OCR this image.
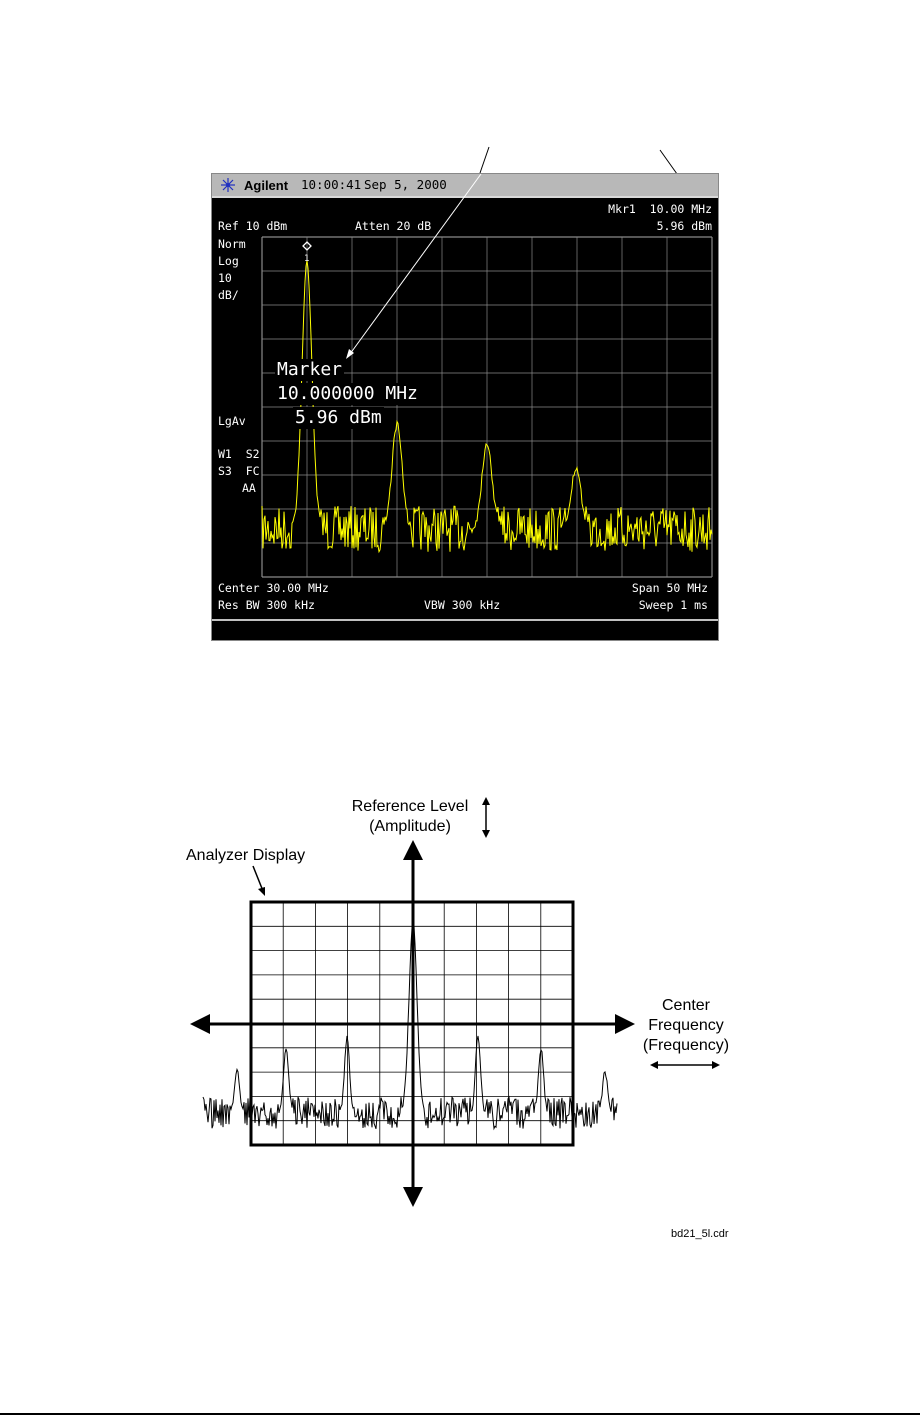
Agilent 10:00:41 Sep 5, 2000
Mkr1  10.00 MHz
5.96 dBm
Ref 10 dBm	Atten 20 dB
Norm
Log
10
dB/
LgAv
W1  S2
S3  FC
AA
1
Marker
10.000000 MHz
5.96 dBm
Center 30.00 MHz	Span 50 MHz
Res BW 300 kHz	VBW 300 kHz	Sweep 1 ms
Reference Level
(Amplitude)
Analyzer Display
Center
Frequency
(Frequency)
bd21_5l.cdr
